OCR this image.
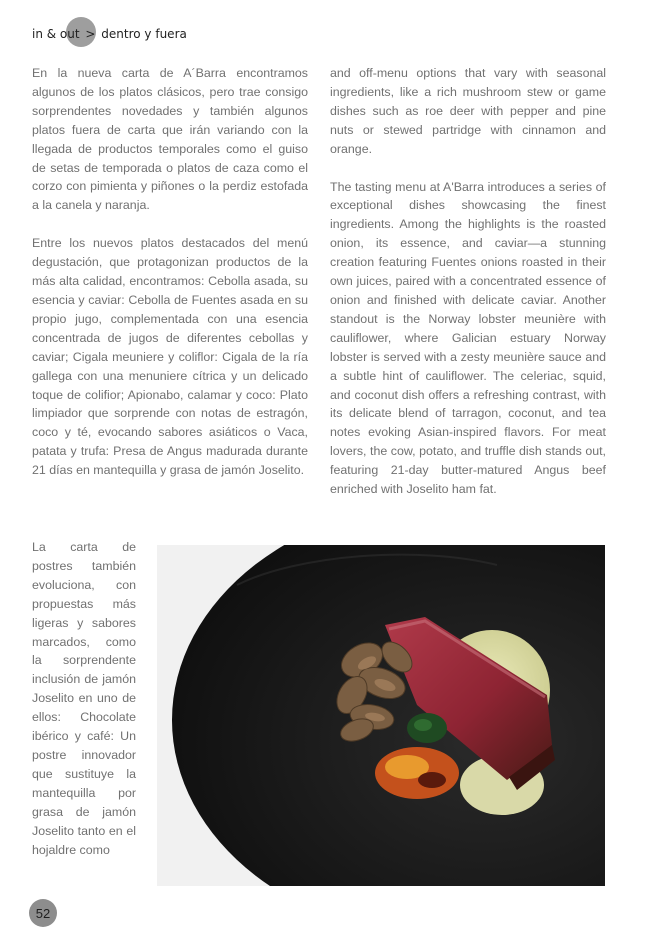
in & out > dentro y fuera

En la nueva carta de A´Barra encontramos algunos de los platos clásicos, pero trae consigo sorprendentes novedades y también algunos platos fuera de carta que irán variando con la llegada de productos temporales como el guiso de setas de temporada o platos de caza como el corzo con pimienta y piñones o la perdiz estofada a la canela y naranja.

Entre los nuevos platos destacados del menú degustación, que protagonizan productos de la más alta calidad, encontramos: Cebolla asada, su esencia y caviar: Cebolla de Fuentes asada en su propio jugo, complementada con una esencia concentrada de jugos de diferentes cebollas y caviar; Cigala meuniere y coliflor: Cigala de la ría gallega con una menuniere cítrica y un delicado toque de colifior; Apionabo, calamar y coco: Plato limpiador que sorprende con notas de estragón, coco y té, evocando sabores asiáticos o Vaca, patata y trufa: Presa de Angus madurada durante 21 días en mantequilla y grasa de jamón Joselito.

and off-menu options that vary with seasonal ingredients, like a rich mushroom stew or game dishes such as roe deer with pepper and pine nuts or stewed partridge with cinnamon and orange.

The tasting menu at A'Barra introduces a series of exceptional dishes showcasing the finest ingredients. Among the highlights is the roasted onion, its essence, and caviar—a stunning creation featuring Fuentes onions roasted in their own juices, paired with a concentrated essence of onion and finished with delicate caviar. Another standout is the Norway lobster meunière with cauliflower, where Galician estuary Norway lobster is served with a zesty meunière sauce and a subtle hint of cauliflower. The celeriac, squid, and coconut dish offers a refreshing contrast, with its delicate blend of tarragon, coconut, and tea notes evoking Asian-inspired flavors. For meat lovers, the cow, potato, and truffle dish stands out, featuring 21-day butter-matured Angus beef enriched with Joselito ham fat.

La carta de postres también evoluciona, con propuestas más ligeras y sabores marcados, como la sorprendente inclusión de jamón Joselito en uno de ellos: Chocolate ibérico y café: Un postre innovador que sustituye la mantequilla por grasa de jamón Joselito tanto en el hojaldre como

52
